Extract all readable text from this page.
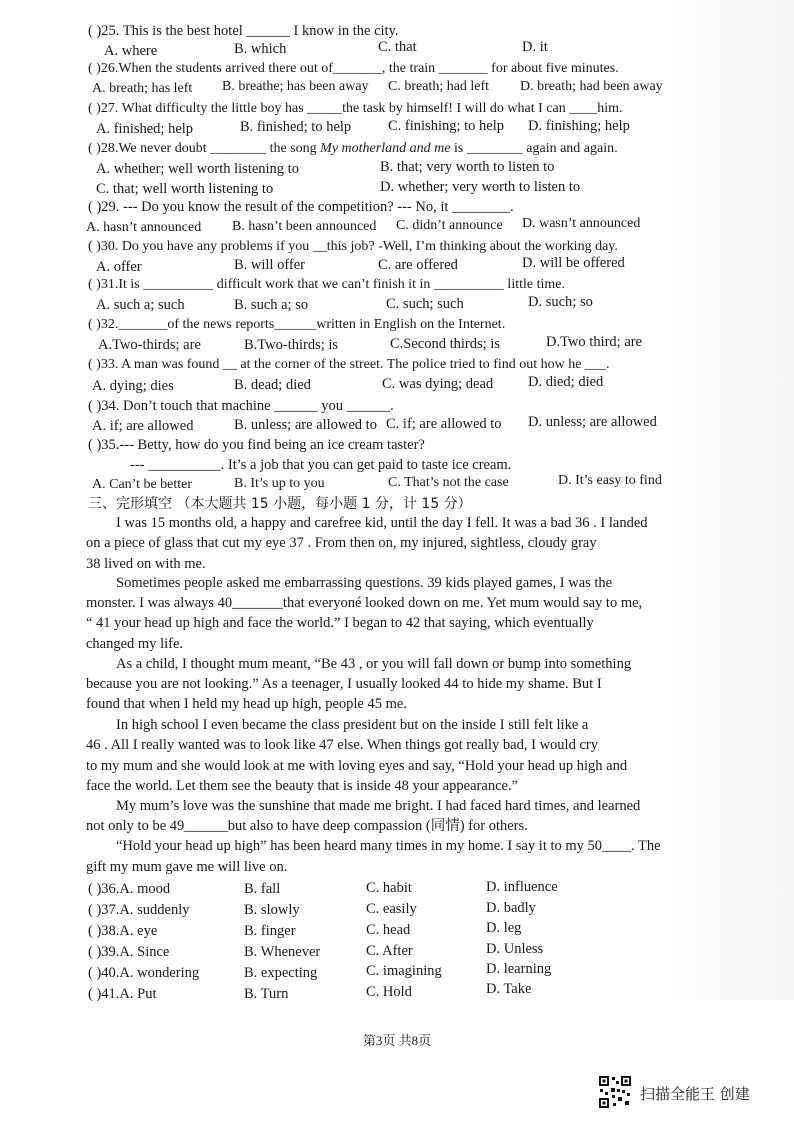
( )25. This is the best hotel ______ I know in the city.
A. where	B. which	C. that	D. it
( )26.When the students arrived there out of_______, the train _______ for about five minutes.
A. breath; has left B. breathe; has been away C. breath; had left D. breath; had been away
( )27. What difficulty the little boy has _____the task by himself! I will do what I can ____him.
A. finished; help	B. finished; to help	C. finishing; to help D. finishing; help
( )28.We never doubt ________ the song My motherland and me is ________ again and again.
A. whether; well worth listening to	B. that; very worth to listen to
C. that; well worth listening to	D. whether; very worth to listen to
( )29. --- Do you know the result of the competition? --- No, it ________.
A. hasn’t announced B. hasn’t been announced C. didn’t announce D. wasn’t announced
( )30. Do you have any problems if you __this job? -Well, I’m thinking about the working day.
A. offer	B. will offer	C. are offered	D. will be offered
( )31.It is __________ difficult work that we can’t finish it in __________ little time.
A. such a; such	B. such a; so	C. such; such	D. such; so
( )32._______of the news reports______written in English on the Internet.
A.Two-thirds; are	B.Two-thirds; is	C.Second thirds; is	D.Two third; are
( )33. A man was found __ at the corner of the street. The police tried to find out how he ___.
A. dying; dies	B. dead; died	C. was dying; dead D. died; died
( )34. Don’t touch that machine ______ you ______.
A. if; are allowed	B. unless; are allowed to C. if; are allowed to D. unless; are allowed
( )35.--- Betty, how do you find being an ice cream taster?
--- __________. It’s a job that you can get paid to taste ice cream.
A. Can’t be better	B. It’s up to you	C. That’s not the case	D. It’s easy to find
三、完形填空 （本大题共 15 小题，每小题 1 分，计 15 分）
I was 15 months old, a happy and carefree kid, until the day I fell. It was a bad 36 . I landed
on a piece of glass that cut my eye 37 . From then on, my injured, sightless, cloudy gray
38 lived on with me.
Sometimes people asked me embarrassing questions. 39 kids played games, I was the
monster. I was always 40_______that everyoné looked down on me. Yet mum would say to me,
“ 41 your head up high and face the world.” I began to 42 that saying, which eventually
changed my life.
As a child, I thought mum meant, “Be 43 , or you will fall down or bump into something
because you are not looking.” As a teenager, I usually looked 44 to hide my shame. But I
found that when I held my head up high, people 45 me.
In high school I even became the class president but on the inside I still felt like a
46 . All I really wanted was to look like 47 else. When things got really bad, I would cry
to my mum and she would look at me with loving eyes and say, “Hold your head up high and
face the world. Let them see the beauty that is inside 48 your appearance.”
My mum’s love was the sunshine that made me bright. I had faced hard times, and learned
not only to be 49______but also to have deep compassion (同情) for others.
“Hold your head up high” has been heard many times in my home. I say it to my 50____. The
gift my mum gave me will live on.
( )36.A. mood	B. fall	C. habit	D. influence
( )37.A. suddenly	B. slowly	C. easily	D. badly
( )38.A. eye	B. finger	C. head	D. leg
( )39.A. Since	B. Whenever	C. After	D. Unless
( )40.A. wondering	B. expecting	C. imagining	D. learning
( )41.A. Put	B. Turn	C. Hold	D. Take
第3页 共8页
扫描全能王 创建
